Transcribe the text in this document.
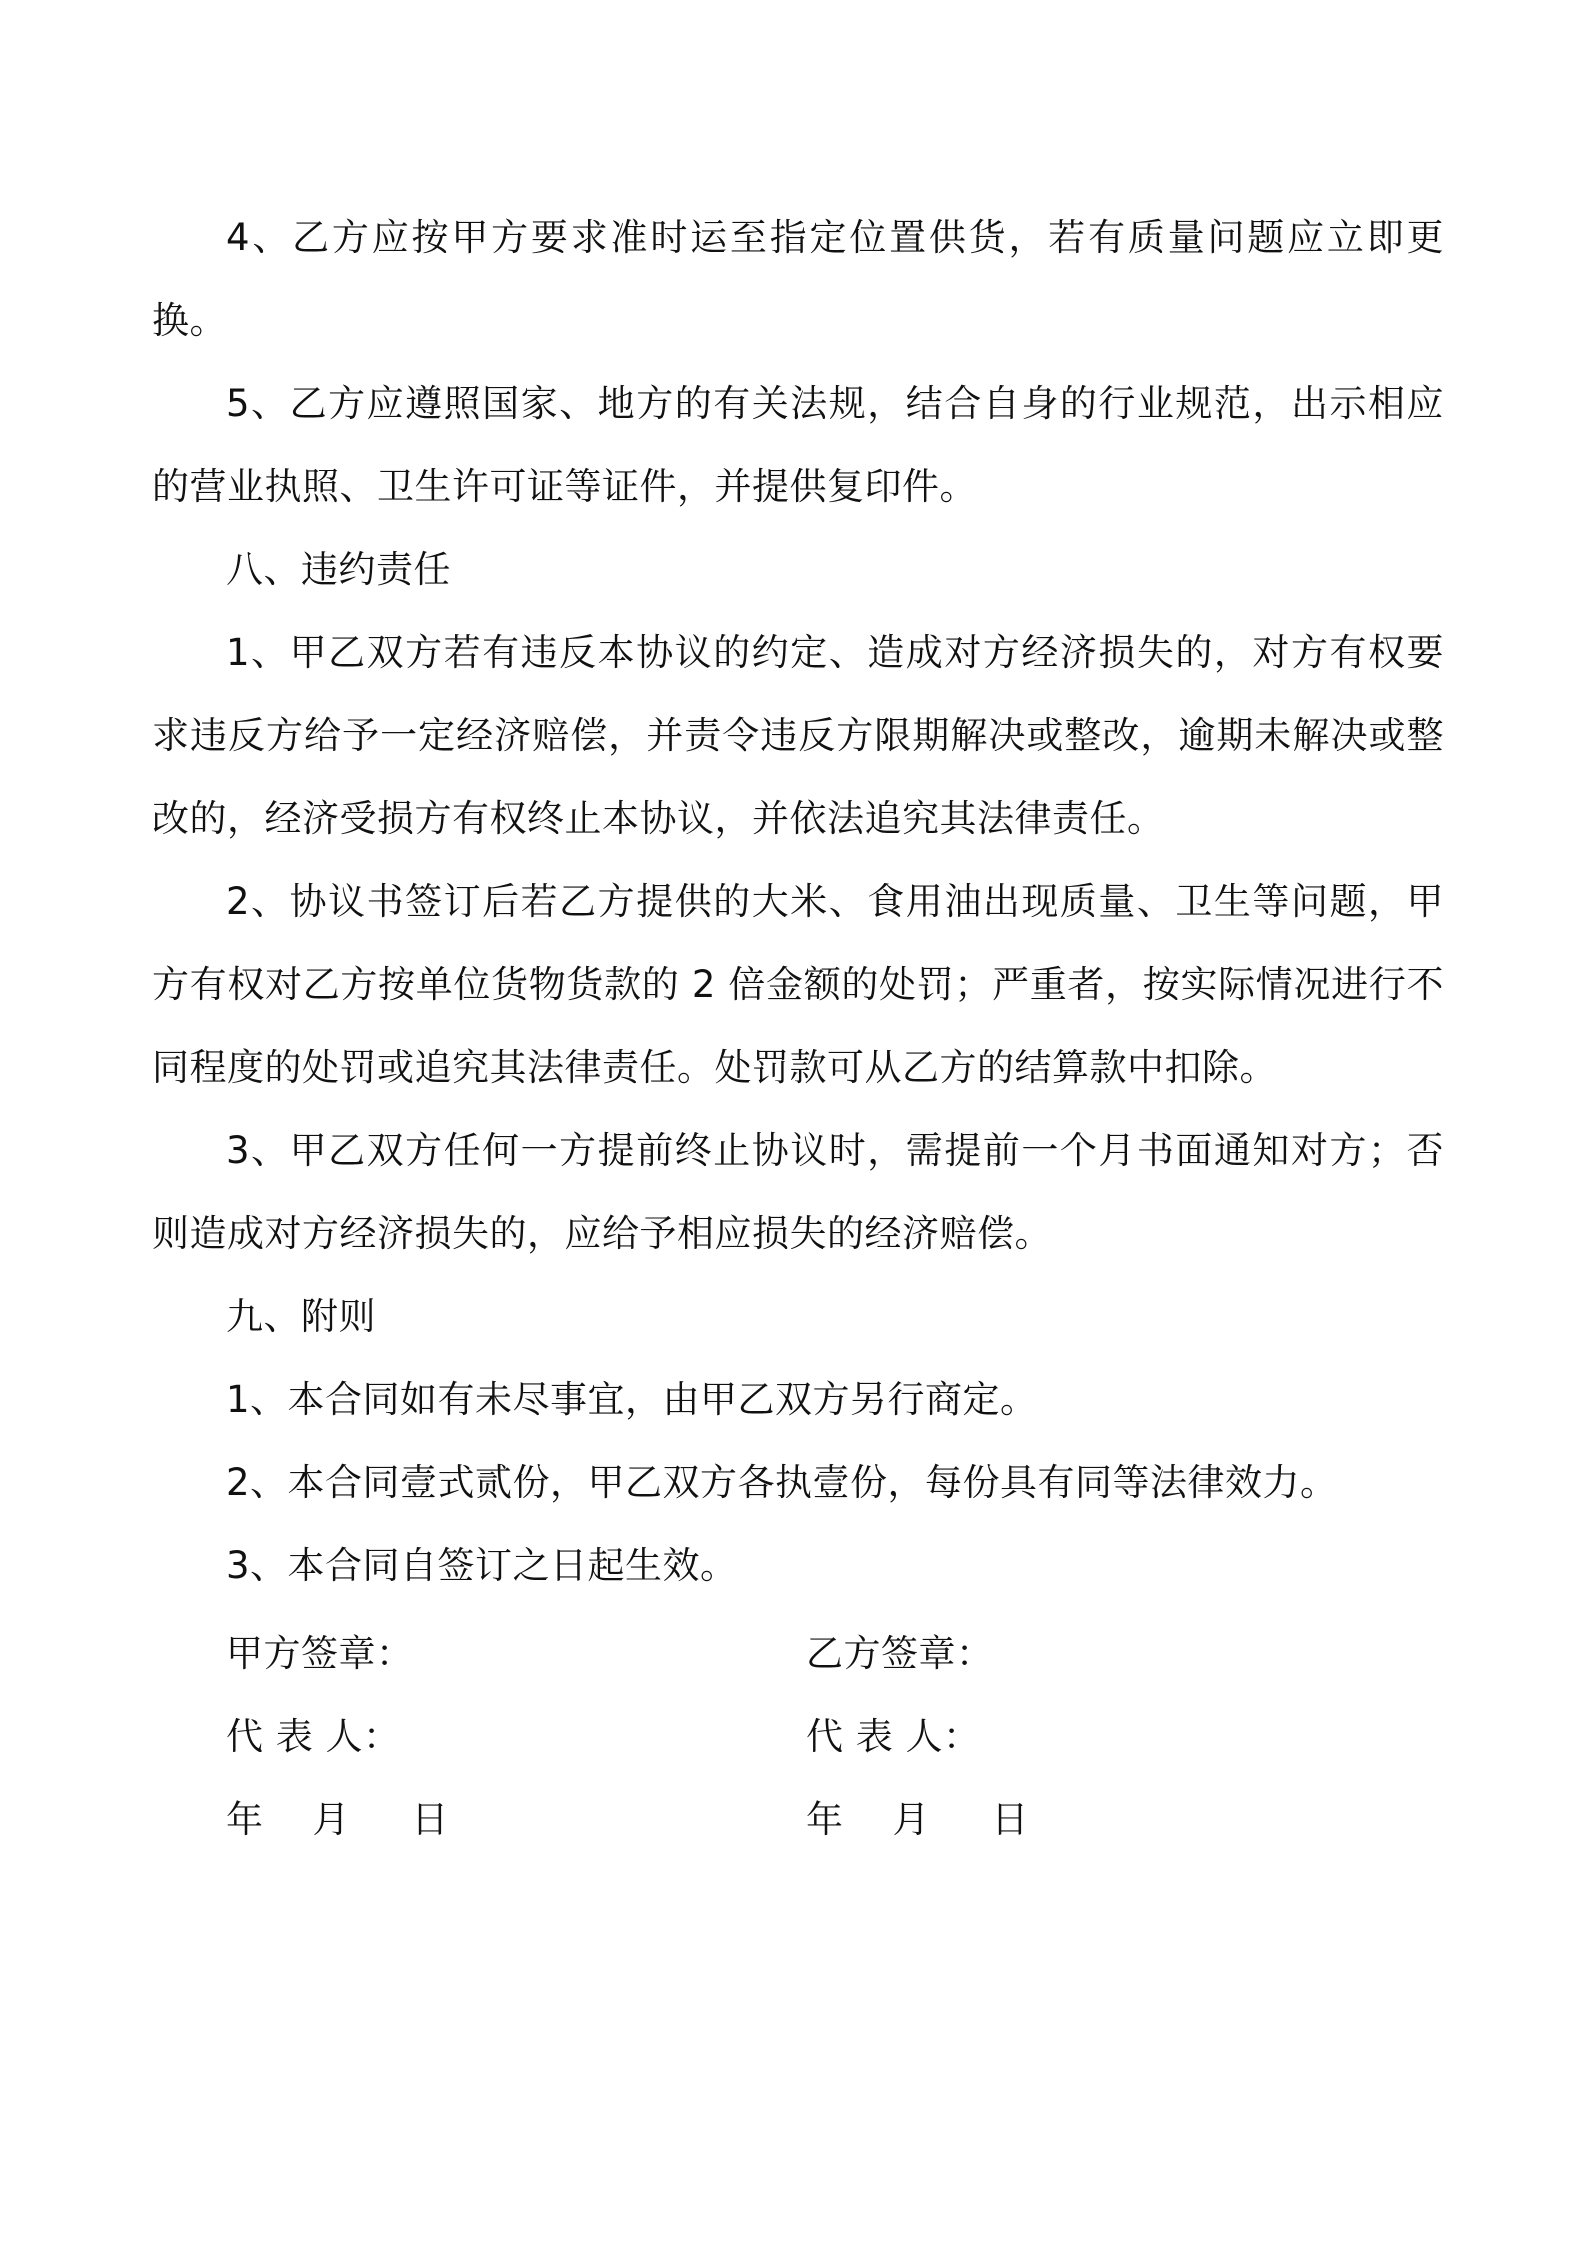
4、乙方应按甲方要求准时运至指定位置供货，若有质量问题应立即更换。

5、乙方应遵照国家、地方的有关法规，结合自身的行业规范，出示相应的营业执照、卫生许可证等证件，并提供复印件。

八、违约责任

1、甲乙双方若有违反本协议的约定、造成对方经济损失的，对方有权要求违反方给予一定经济赔偿，并责令违反方限期解决或整改，逾期未解决或整改的，经济受损方有权终止本协议，并依法追究其法律责任。

2、协议书签订后若乙方提供的大米、食用油出现质量、卫生等问题，甲方有权对乙方按单位货物货款的 2 倍金额的处罚；严重者，按实际情况进行不同程度的处罚或追究其法律责任。处罚款可从乙方的结算款中扣除。

3、甲乙双方任何一方提前终止协议时，需提前一个月书面通知对方；否则造成对方经济损失的，应给予相应损失的经济赔偿。

九、附则

1、本合同如有未尽事宜，由甲乙双方另行商定。

2、本合同壹式贰份，甲乙双方各执壹份，每份具有同等法律效力。

3、本合同自签订之日起生效。

甲方签章：
代 表 人：
年    月     日
乙方签章：
代 表 人：
年    月     日
